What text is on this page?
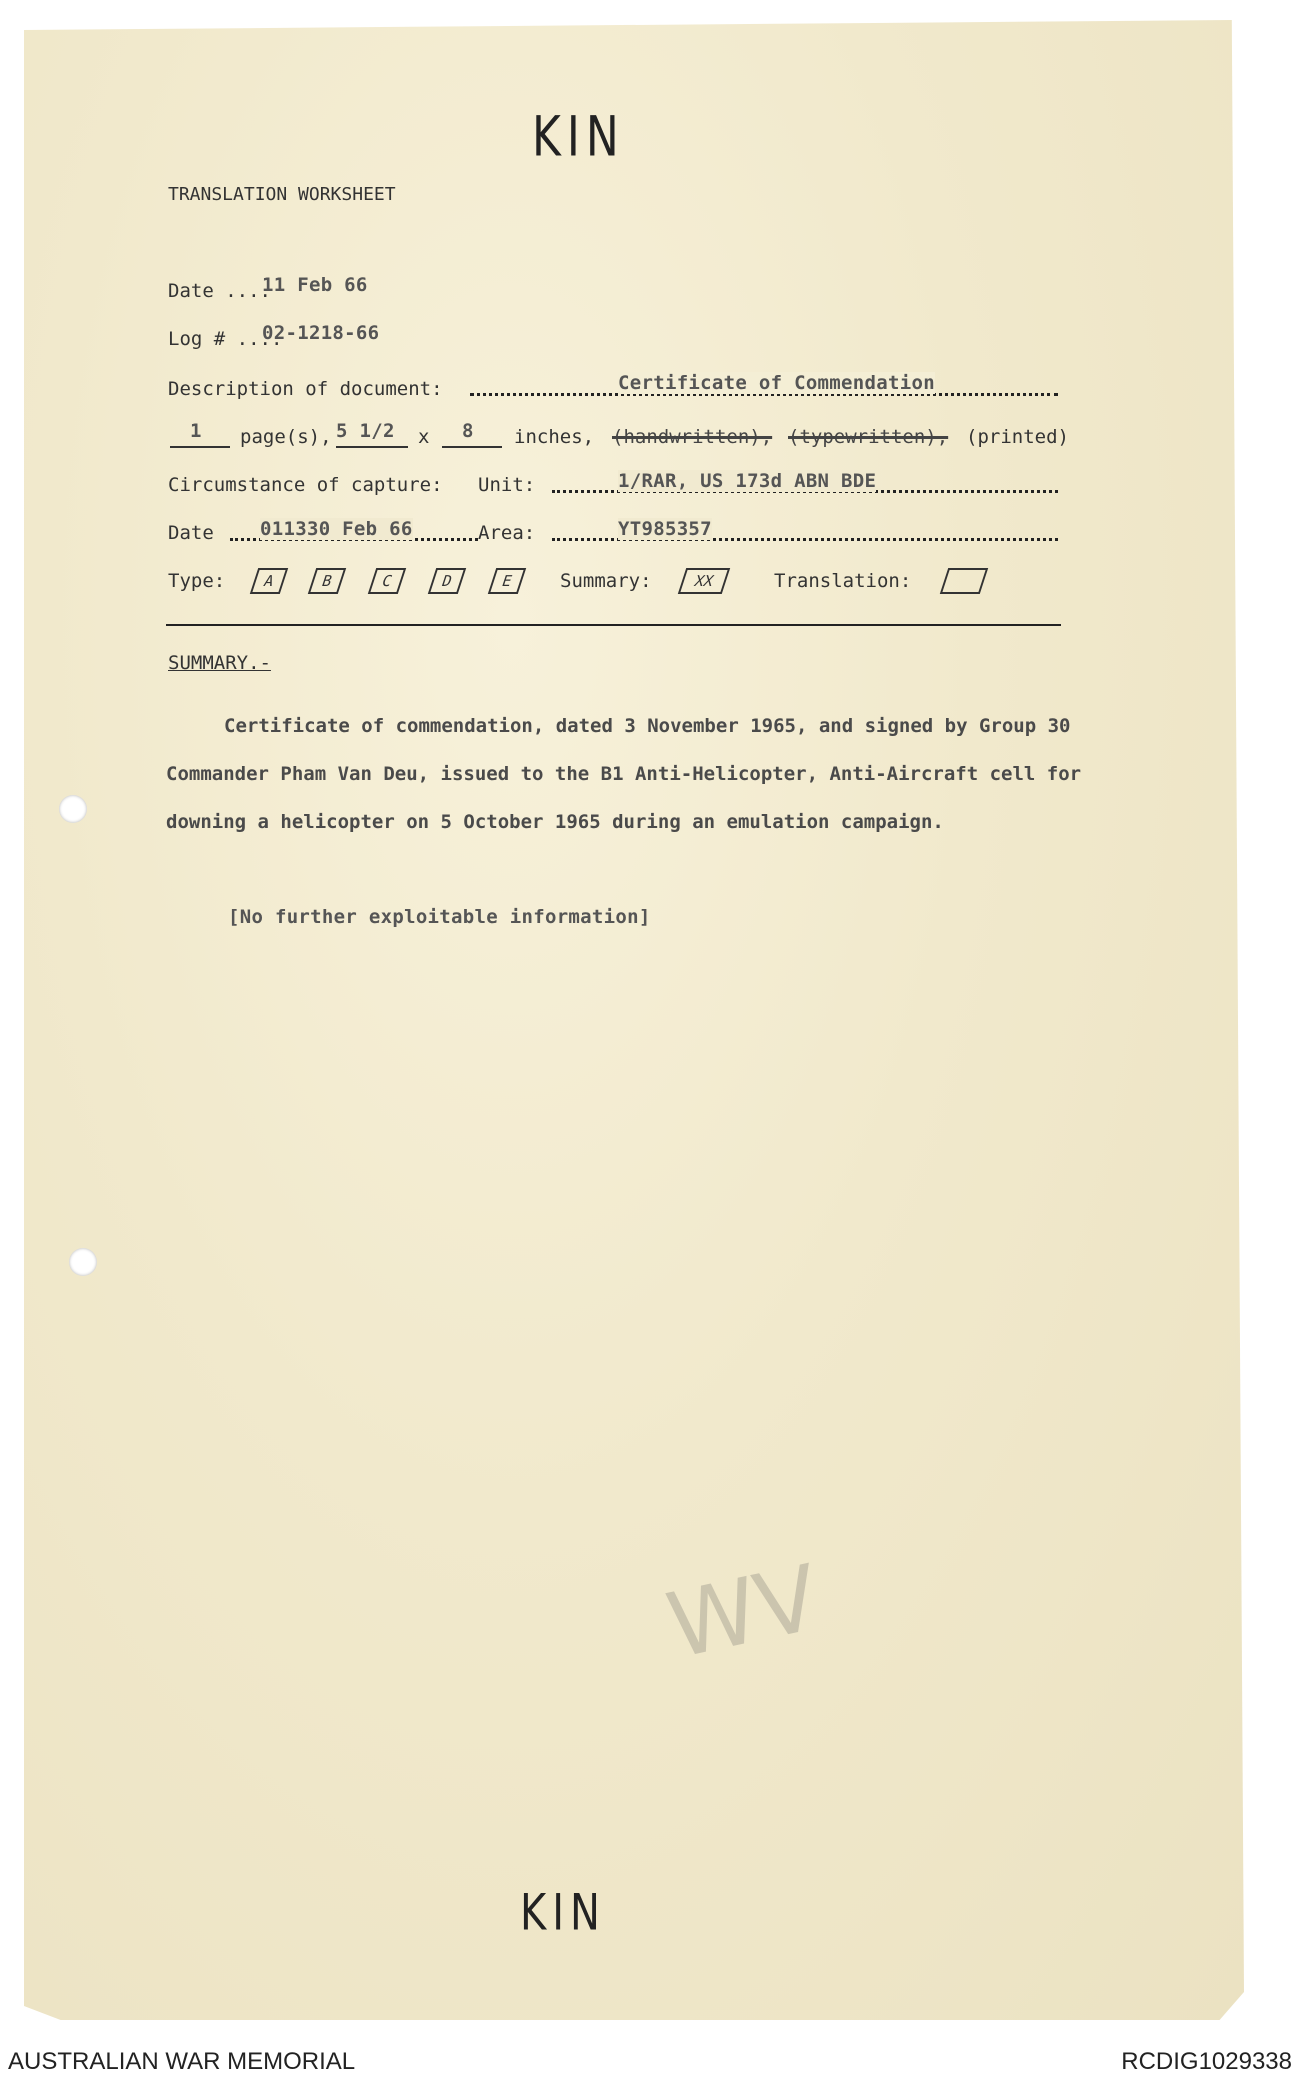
KIN
TRANSLATION WORKSHEET
Date ....
11 Feb 66
Log # ....
02-1218-66
Description of document:	Certificate of Commendation
1 page(s), 5 1/2 x 8 inches, (handwritten), (typewritten), (printed)
Circumstance of capture: Unit:	1/RAR, US 173d ABN BDE
Date 011330 Feb 66	Area:	YT985357
Type:	A	B	C	D	E	Summary:	XX	Translation:
SUMMARY.-
Certificate of commendation, dated 3 November 1965, and signed by Group 30 Commander Pham Van Deu, issued to the B1 Anti-Helicopter, Anti-Aircraft cell for downing a helicopter on 5 October 1965 during an emulation campaign.
[No further exploitable information]
WV
KIN
AUSTRALIAN WAR MEMORIAL	RCDIG1029338
